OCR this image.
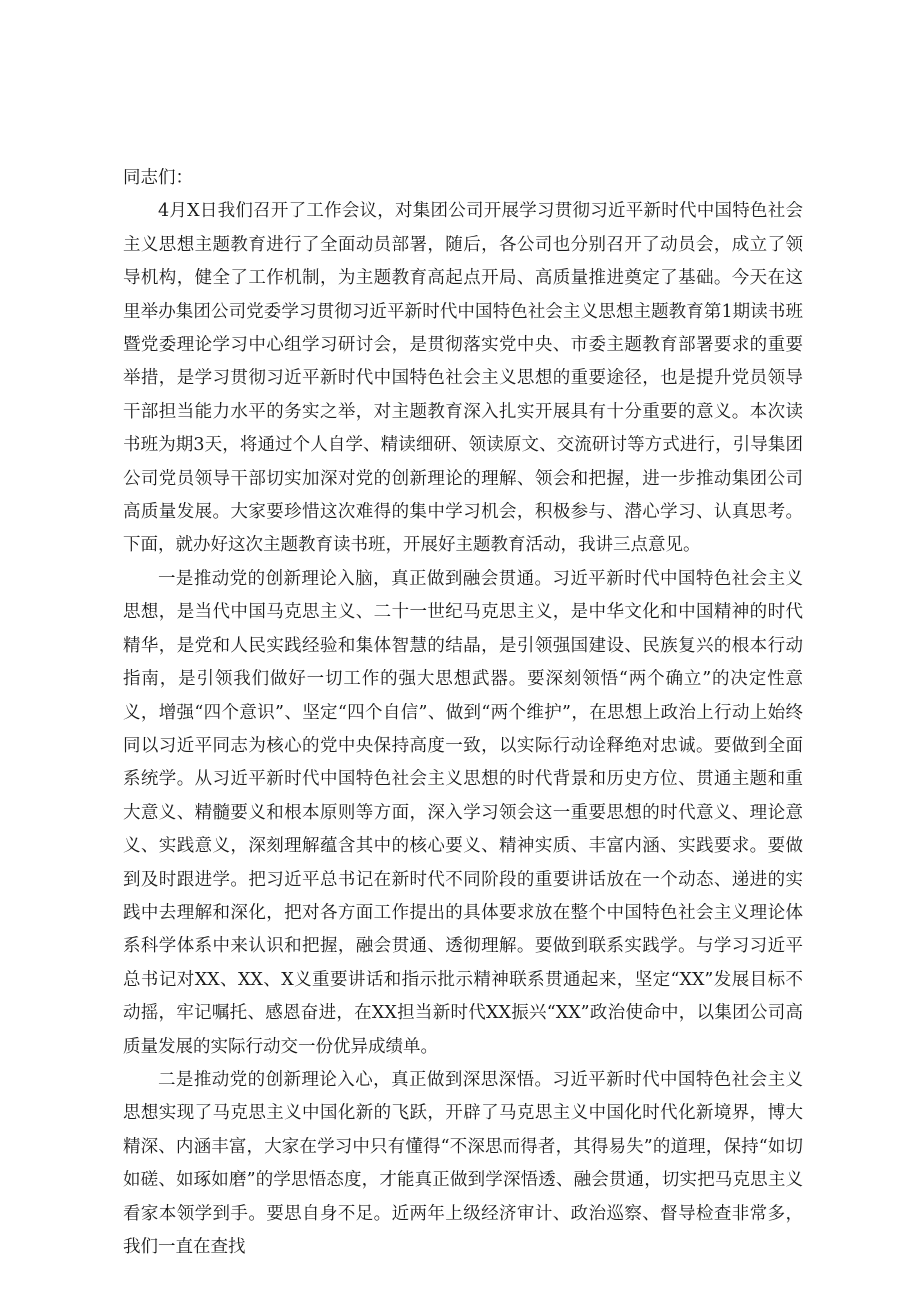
同志们：

4月X日我们召开了工作会议，对集团公司开展学习贯彻习近平新时代中国特色社会主义思想主题教育进行了全面动员部署，随后，各公司也分别召开了动员会，成立了领导机构，健全了工作机制，为主题教育高起点开局、高质量推进奠定了基础。今天在这里举办集团公司党委学习贯彻习近平新时代中国特色社会主义思想主题教育第1期读书班暨党委理论学习中心组学习研讨会，是贯彻落实党中央、市委主题教育部署要求的重要举措，是学习贯彻习近平新时代中国特色社会主义思想的重要途径，也是提升党员领导干部担当能力水平的务实之举，对主题教育深入扎实开展具有十分重要的意义。本次读书班为期3天，将通过个人自学、精读细研、领读原文、交流研讨等方式进行，引导集团公司党员领导干部切实加深对党的创新理论的理解、领会和把握，进一步推动集团公司高质量发展。大家要珍惜这次难得的集中学习机会，积极参与、潜心学习、认真思考。下面，就办好这次主题教育读书班，开展好主题教育活动，我讲三点意见。

一是推动党的创新理论入脑，真正做到融会贯通。习近平新时代中国特色社会主义思想，是当代中国马克思主义、二十一世纪马克思主义，是中华文化和中国精神的时代精华，是党和人民实践经验和集体智慧的结晶，是引领强国建设、民族复兴的根本行动指南，是引领我们做好一切工作的强大思想武器。要深刻领悟“两个确立”的决定性意义，增强“四个意识”、坚定“四个自信”、做到“两个维护”，在思想上政治上行动上始终同以习近平同志为核心的党中央保持高度一致，以实际行动诠释绝对忠诚。要做到全面系统学。从习近平新时代中国特色社会主义思想的时代背景和历史方位、贯通主题和重大意义、精髓要义和根本原则等方面，深入学习领会这一重要思想的时代意义、理论意义、实践意义，深刻理解蕴含其中的核心要义、精神实质、丰富内涵、实践要求。要做到及时跟进学。把习近平总书记在新时代不同阶段的重要讲话放在一个动态、递进的实践中去理解和深化，把对各方面工作提出的具体要求放在整个中国特色社会主义理论体系科学体系中来认识和把握，融会贯通、透彻理解。要做到联系实践学。与学习习近平总书记对XX、XX、X义重要讲话和指示批示精神联系贯通起来，坚定“XX”发展目标不动摇，牢记嘱托、感恩奋进，在XX担当新时代XX振兴“XX”政治使命中，以集团公司高质量发展的实际行动交一份优异成绩单。

二是推动党的创新理论入心，真正做到深思深悟。习近平新时代中国特色社会主义思想实现了马克思主义中国化新的飞跃，开辟了马克思主义中国化时代化新境界，博大精深、内涵丰富，大家在学习中只有懂得“不深思而得者，其得易失”的道理，保持“如切如磋、如琢如磨”的学思悟态度，才能真正做到学深悟透、融会贯通，切实把马克思主义看家本领学到手。要思自身不足。近两年上级经济审计、政治巡察、督导检查非常多，我们一直在查找
